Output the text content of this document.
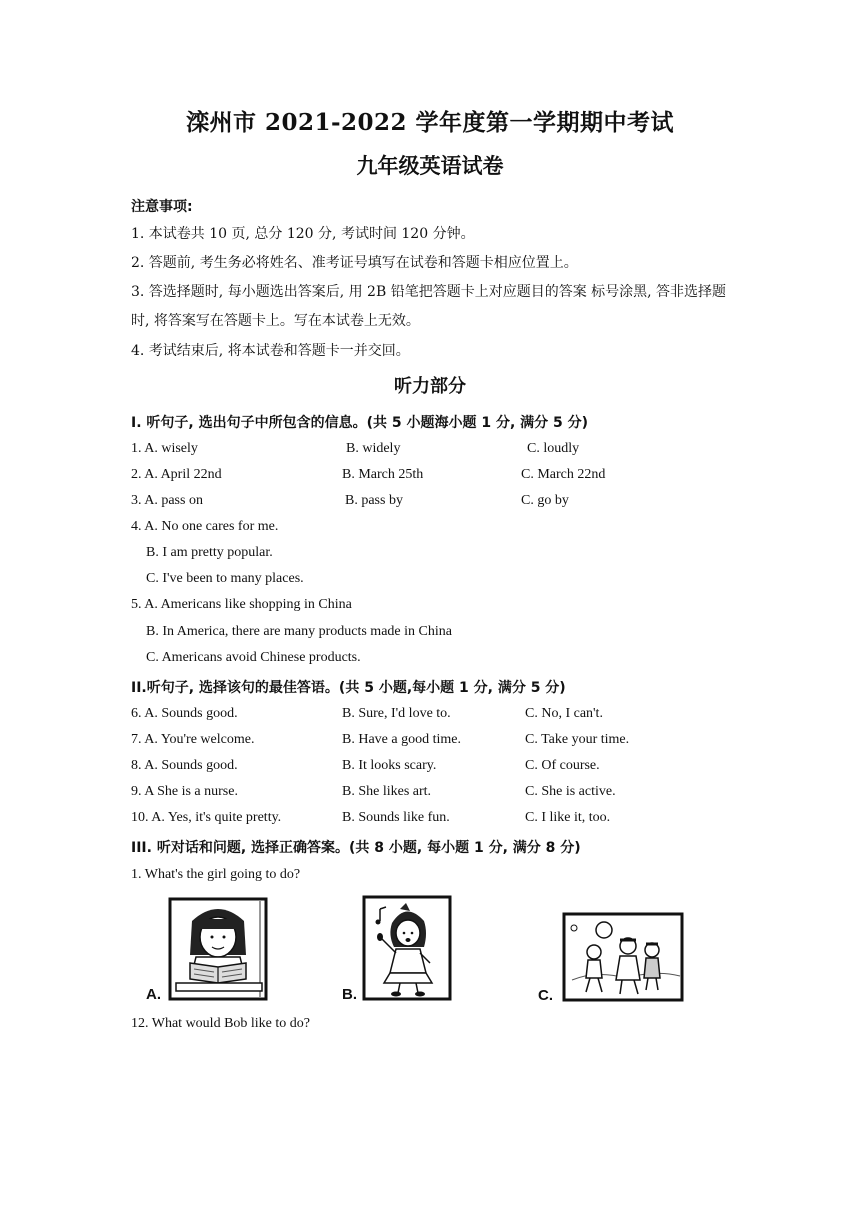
滦州市 2021-2022 学年度第一学期期中考试
九年级英语试卷
注意事项:
1. 本试卷共 10 页, 总分 120 分, 考试时间 120 分钟。
2. 答题前, 考生务必将姓名、准考证号填写在试卷和答题卡相应位置上。
3. 答选择题时, 每小题选出答案后, 用 2B 铅笔把答题卡上对应题目的答案 标号涂黑, 答非选择题时, 将答案写在答题卡上。写在本试卷上无效。
4. 考试结束后, 将本试卷和答题卡一并交回。
听力部分
I. 听句子, 选出句子中所包含的信息。(共 5 小题海小题 1 分, 满分 5 分)
1. A. wisely	B. widely	C. loudly
2. A. April 22nd	B. March 25th	C. March 22nd
3. A. pass on	B. pass by	C. go by
4. A. No one cares for me.
B. I am pretty popular.
C. I've been to many places.
5. A. Americans like shopping in China
B. In America, there are many products made in China
C. Americans avoid Chinese products.
II.听句子, 选择该句的最佳答语。(共 5 小题,每小题 1 分, 满分 5 分)
6. A. Sounds good.	B. Sure, I'd love to.	C. No, I can't.
7. A. You're welcome.	B. Have a good time.	C. Take your time.
8. A. Sounds good.	B. It looks scary.	C. Of course.
9. A She is a nurse.	B. She likes art.	C. She is active.
10. A. Yes, it's quite pretty.	B. Sounds like fun.	C. I like it, too.
III. 听对话和问题, 选择正确答案。(共 8 小题, 每小题 1 分, 满分 8 分)
1. What's the girl going to do?
A.	B.	C.
12. What would Bob like to do?
